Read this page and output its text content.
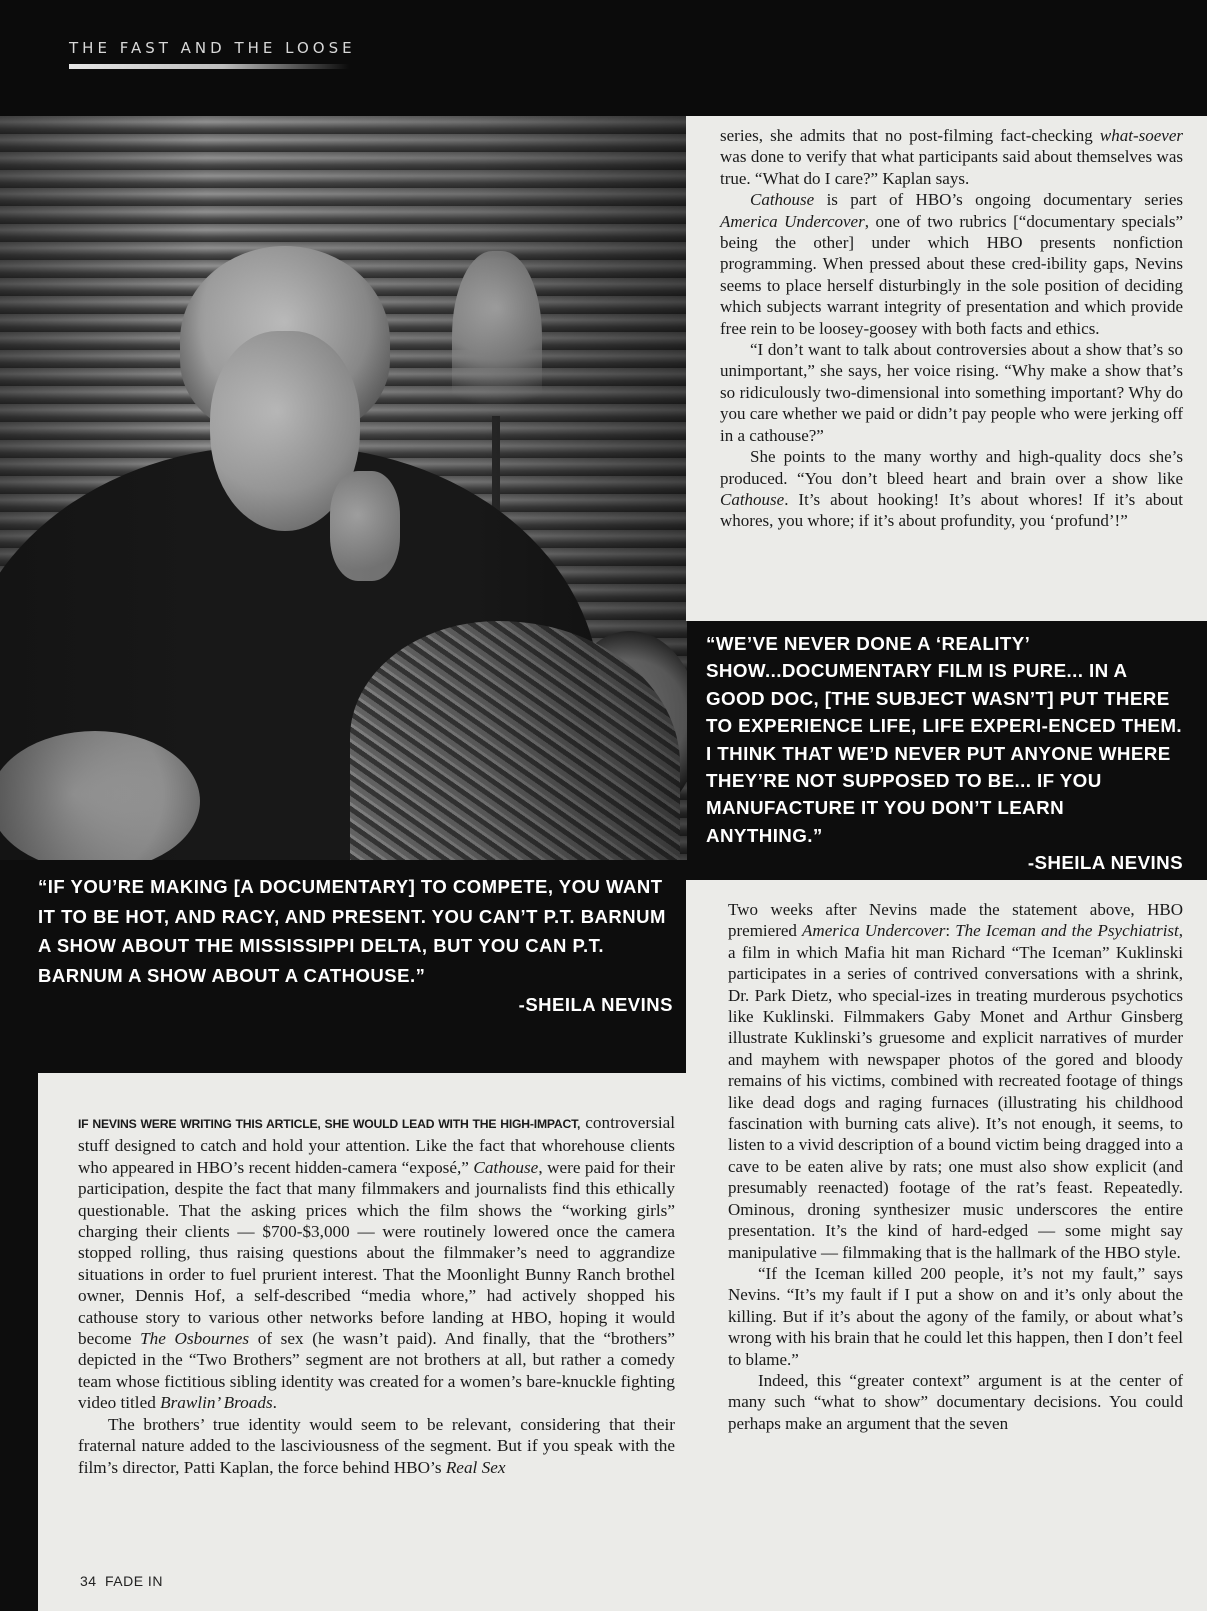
THE FAST AND THE LOOSE

series, she admits that no post-filming fact-checking what-soever was done to verify that what participants said about themselves was true. “What do I care?” Kaplan says.

Cathouse is part of HBO’s ongoing documentary series America Undercover, one of two rubrics [“documentary specials” being the other] under which HBO presents nonfiction programming. When pressed about these cred-ibility gaps, Nevins seems to place herself disturbingly in the sole position of deciding which subjects warrant integrity of presentation and which provide free rein to be loosey-goosey with both facts and ethics.

“I don’t want to talk about controversies about a show that’s so unimportant,” she says, her voice rising. “Why make a show that’s so ridiculously two-dimensional into something important? Why do you care whether we paid or didn’t pay people who were jerking off in a cathouse?”

She points to the many worthy and high-quality docs she’s produced. “You don’t bleed heart and brain over a show like Cathouse. It’s about hooking! It’s about whores! If it’s about whores, you whore; if it’s about profundity, you ‘profund’!”

“WE’VE NEVER DONE A ‘REALITY’ SHOW...DOCUMENTARY FILM IS PURE... IN A GOOD DOC, [THE SUBJECT WASN’T] PUT THERE TO EXPERIENCE LIFE, LIFE EXPERI-ENCED THEM. I THINK THAT WE’D NEVER PUT ANYONE WHERE THEY’RE NOT SUPPOSED TO BE... IF YOU MANUFACTURE IT YOU DON’T LEARN ANYTHING.”
-SHEILA NEVINS
“IF YOU’RE MAKING [A DOCUMENTARY] TO COMPETE, YOU WANT IT TO BE HOT, AND RACY, AND PRESENT. YOU CAN’T P.T. BARNUM A SHOW ABOUT THE MISSISSIPPI DELTA, BUT YOU CAN P.T. BARNUM A SHOW ABOUT A CATHOUSE.”
-SHEILA NEVINS

Two weeks after Nevins made the statement above, HBO premiered America Undercover: The Iceman and the Psychiatrist, a film in which Mafia hit man Richard “The Iceman” Kuklinski participates in a series of contrived conversations with a shrink, Dr. Park Dietz, who special-izes in treating murderous psychotics like Kuklinski. Filmmakers Gaby Monet and Arthur Ginsberg illustrate Kuklinski’s gruesome and explicit narratives of murder and mayhem with newspaper photos of the gored and bloody remains of his victims, combined with recreated footage of things like dead dogs and raging furnaces (illustrating his childhood fascination with burning cats alive). It’s not enough, it seems, to listen to a vivid description of a bound victim being dragged into a cave to be eaten alive by rats; one must also show explicit (and presumably reenacted) footage of the rat’s feast. Repeatedly. Ominous, droning synthesizer music underscores the entire presentation. It’s the kind of hard-edged — some might say manipulative — filmmaking that is the hallmark of the HBO style.

“If the Iceman killed 200 people, it’s not my fault,” says Nevins. “It’s my fault if I put a show on and it’s only about the killing. But if it’s about the agony of the family, or about what’s wrong with his brain that he could let this happen, then I don’t feel to blame.”

Indeed, this “greater context” argument is at the center of many such “what to show” documentary decisions. You could perhaps make an argument that the seven

IF NEVINS WERE WRITING THIS ARTICLE, SHE WOULD LEAD WITH THE HIGH-IMPACT, controversial stuff designed to catch and hold your attention. Like the fact that whorehouse clients who appeared in HBO’s recent hidden-camera “exposé,” Cathouse, were paid for their participation, despite the fact that many filmmakers and journalists find this ethically questionable. That the asking prices which the film shows the “working girls” charging their clients — $700-$3,000 — were routinely lowered once the camera stopped rolling, thus raising questions about the filmmaker’s need to aggrandize situations in order to fuel prurient interest. That the Moonlight Bunny Ranch brothel owner, Dennis Hof, a self-described “media whore,” had actively shopped his cathouse story to various other networks before landing at HBO, hoping it would become The Osbournes of sex (he wasn’t paid). And finally, that the “brothers” depicted in the “Two Brothers” segment are not brothers at all, but rather a comedy team whose fictitious sibling identity was created for a women’s bare-knuckle fighting video titled Brawlin’ Broads.

The brothers’ true identity would seem to be relevant, considering that their fraternal nature added to the lasciviousness of the segment. But if you speak with the film’s director, Patti Kaplan, the force behind HBO’s Real Sex

34 FADE IN
